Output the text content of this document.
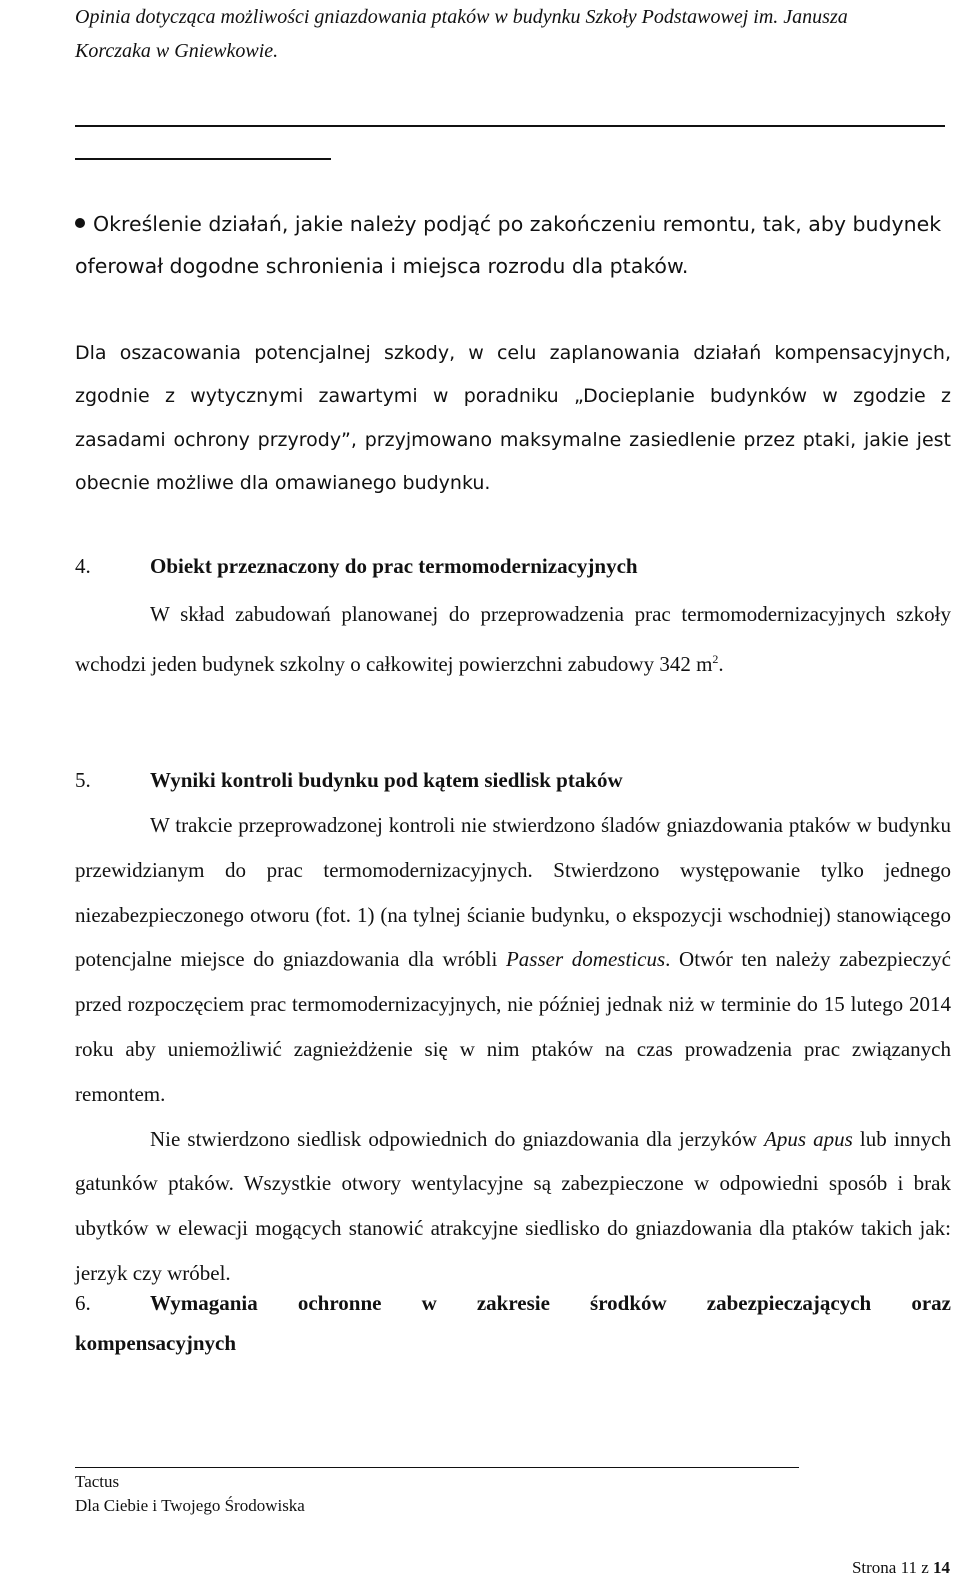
Opinia dotycząca możliwości gniazdowania ptaków w budynku Szkoły Podstawowej im. Janusza
Korczaka w Gniewkowie.
Określenie działań, jakie należy podjąć po zakończeniu remontu, tak, aby budynek
oferował dogodne schronienia i miejsca rozrodu dla ptaków.
Dla oszacowania potencjalnej szkody, w celu zaplanowania działań kompensacyjnych, zgodnie z wytycznymi zawartymi w poradniku „Docieplanie budynków w zgodzie z zasadami ochrony przyrody”, przyjmowano maksymalne zasiedlenie przez ptaki, jakie jest obecnie możliwe dla omawianego budynku.
4.	Obiekt przeznaczony do prac termomodernizacyjnych
W skład zabudowań planowanej do przeprowadzenia prac termomodernizacyjnych szkoły wchodzi jeden budynek szkolny o całkowitej powierzchni zabudowy 342 $m^2$.
5.	Wyniki kontroli budynku pod kątem siedlisk ptaków

W trakcie przeprowadzonej kontroli nie stwierdzono śladów gniazdowania ptaków w budynku przewidzianym do prac termomodernizacyjnych. Stwierdzono występowanie tylko jednego niezabezpieczonego otworu (fot. 1) (na tylnej ścianie budynku, o ekspozycji wschodniej) stanowiącego potencjalne miejsce do gniazdowania dla wróbli Passer domesticus. Otwór ten należy zabezpieczyć przed rozpoczęciem prac termomodernizacyjnych, nie później jednak niż w terminie do 15 lutego 2014 roku aby uniemożliwić zagnieżdżenie się w nim ptaków na czas prowadzenia prac związanych remontem.

Nie stwierdzono siedlisk odpowiednich do gniazdowania dla jerzyków Apus apus lub innych gatunków ptaków. Wszystkie otwory wentylacyjne są zabezpieczone w odpowiedni sposób i brak ubytków w elewacji mogących stanowić atrakcyjne siedlisko do gniazdowania dla ptaków takich jak: jerzyk czy wróbel.

6.	Wymagania ochronne w zakresie środków zabezpieczających oraz
kompensacyjnych
Tactus
Dla Ciebie i Twojego Środowiska
Strona 11 z 14
